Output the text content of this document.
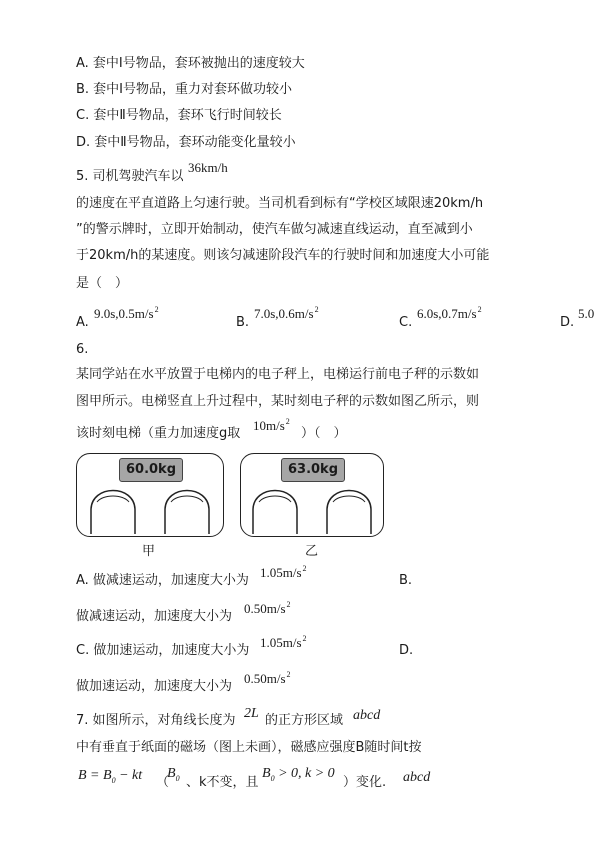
A. 套中Ⅰ号物品，套环被抛出的速度较大
B. 套中Ⅰ号物品，重力对套环做功较小
C. 套中Ⅱ号物品，套环飞行时间较长
D. 套中Ⅱ号物品，套环动能变化量较小
5. 司机驾驶汽车以
36km/h
的速度在平直道路上匀速行驶。当司机看到标有“学校区域限速20km/h
”的警示牌时，立即开始制动，使汽车做匀减速直线运动，直至减到小
于20km/h的某速度。则该匀减速阶段汽车的行驶时间和加速度大小可能
是（　）
A.
$9.0s,0.5m/s^2$
B.
$7.0s,0.6m/s^2$
C.
$6.0s,0.7m/s^2$
D.
5.0
6.
某同学站在水平放置于电梯内的电子秤上，电梯运行前电子秤的示数如
图甲所示。电梯竖直上升过程中，某时刻电子秤的示数如图乙所示，则
该时刻电梯（重力加速度g取
$10m/s^2$
）（　）
60.0kg
甲
63.0kg
乙
A. 做减速运动，加速度大小为
$1.05m/s^2$
B.
做减速运动，加速度大小为
$0.50m/s^2$
C. 做加速运动，加速度大小为
$1.05m/s^2$
D.
做加速运动，加速度大小为
$0.50m/s^2$
7. 如图所示，对角线长度为 2L 的正方形区域 abcd
中有垂直于纸面的磁场（图上未画），磁感应强度B随时间t按
$B = B_0$ − kt （
$B_0$ 、k不变，且
$B_0 > 0$, k > 0
）变化. abcd
